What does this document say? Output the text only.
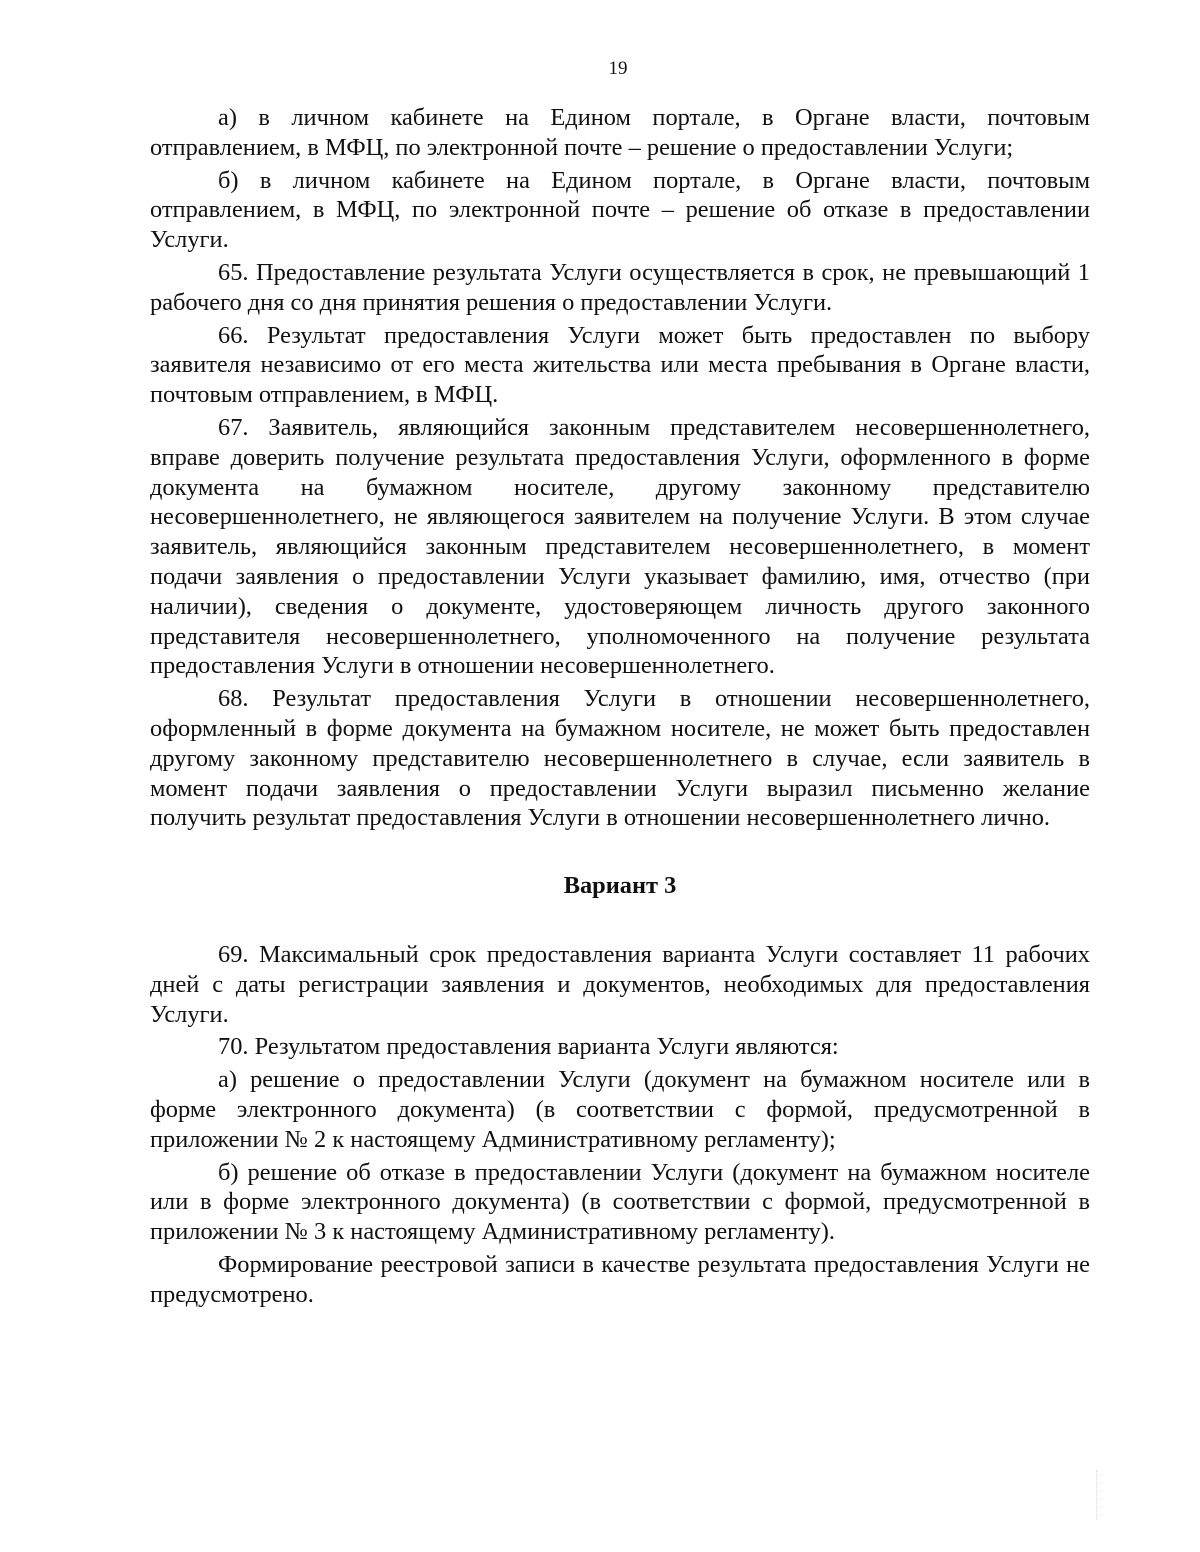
19

а) в личном кабинете на Едином портале, в Органе власти, почтовым отправлением, в МФЦ, по электронной почте – решение о предоставлении Услуги;

б) в личном кабинете на Едином портале, в Органе власти, почтовым отправлением, в МФЦ, по электронной почте – решение об отказе в предоставлении Услуги.

65. Предоставление результата Услуги осуществляется в срок, не превышающий 1 рабочего дня со дня принятия решения о предоставлении Услуги.

66. Результат предоставления Услуги может быть предоставлен по выбору заявителя независимо от его места жительства или места пребывания в Органе власти, почтовым отправлением, в МФЦ.

67. Заявитель, являющийся законным представителем несовершеннолетнего, вправе доверить получение результата предоставления Услуги, оформленного в форме документа на бумажном носителе, другому законному представителю несовершеннолетнего, не являющегося заявителем на получение Услуги. В этом случае заявитель, являющийся законным представителем несовершеннолетнего, в момент подачи заявления о предоставлении Услуги указывает фамилию, имя, отчество (при наличии), сведения о документе, удостоверяющем личность другого законного представителя несовершеннолетнего, уполномоченного на получение результата предоставления Услуги в отношении несовершеннолетнего.

68. Результат предоставления Услуги в отношении несовершеннолетнего, оформленный в форме документа на бумажном носителе, не может быть предоставлен другому законному представителю несовершеннолетнего в случае, если заявитель в момент подачи заявления о предоставлении Услуги выразил письменно желание получить результат предоставления Услуги в отношении несовершеннолетнего лично.

Вариант 3

69. Максимальный срок предоставления варианта Услуги составляет 11 рабочих дней с даты регистрации заявления и документов, необходимых для предоставления Услуги.

70. Результатом предоставления варианта Услуги являются:

а) решение о предоставлении Услуги (документ на бумажном носителе или в форме электронного документа) (в соответствии с формой, предусмотренной в приложении № 2 к настоящему Административному регламенту);

б) решение об отказе в предоставлении Услуги (документ на бумажном носителе или в форме электронного документа) (в соответствии с формой, предусмотренной в приложении № 3 к настоящему Административному регламенту).

Формирование реестровой записи в качестве результата предоставления Услуги не предусмотрено.
